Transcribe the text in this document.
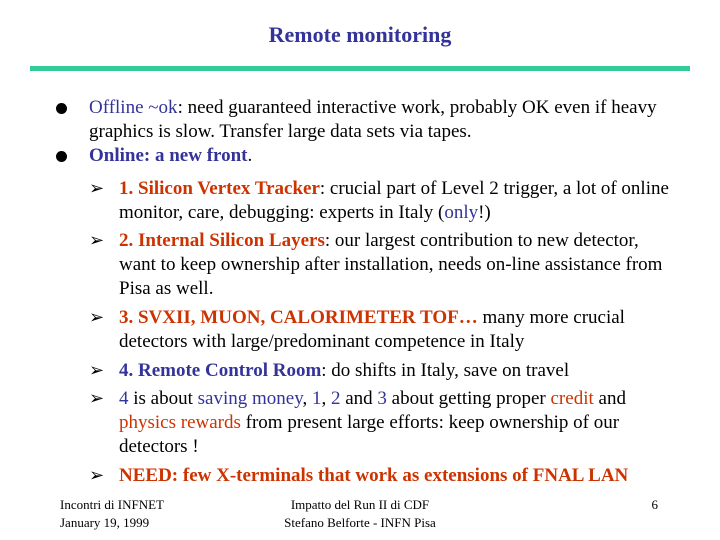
Remote monitoring
Offline ~ok: need guaranteed interactive work, probably OK even if heavy graphics is slow. Transfer large data sets via tapes.
Online: a new front.
➢ 1. Silicon Vertex Tracker: crucial part of Level 2 trigger, a lot of online monitor, care, debugging: experts in Italy (only!)
➢ 2. Internal Silicon Layers: our largest contribution to new detector, want to keep ownership after installation, needs on-line assistance from Pisa as well.
➢ 3. SVXII, MUON, CALORIMETER TOF… many more crucial detectors with large/predominant competence in Italy
➢ 4. Remote Control Room: do shifts in Italy, save on travel
➢ 4 is about saving money, 1, 2 and 3 about getting proper credit and physics rewards from present large efforts: keep ownership of our detectors !
➢ NEED: few X-terminals that work as extensions of FNAL LAN
Incontri di INFNET
January 19, 1999
Impatto del Run II di CDF
Stefano Belforte - INFN Pisa
6
